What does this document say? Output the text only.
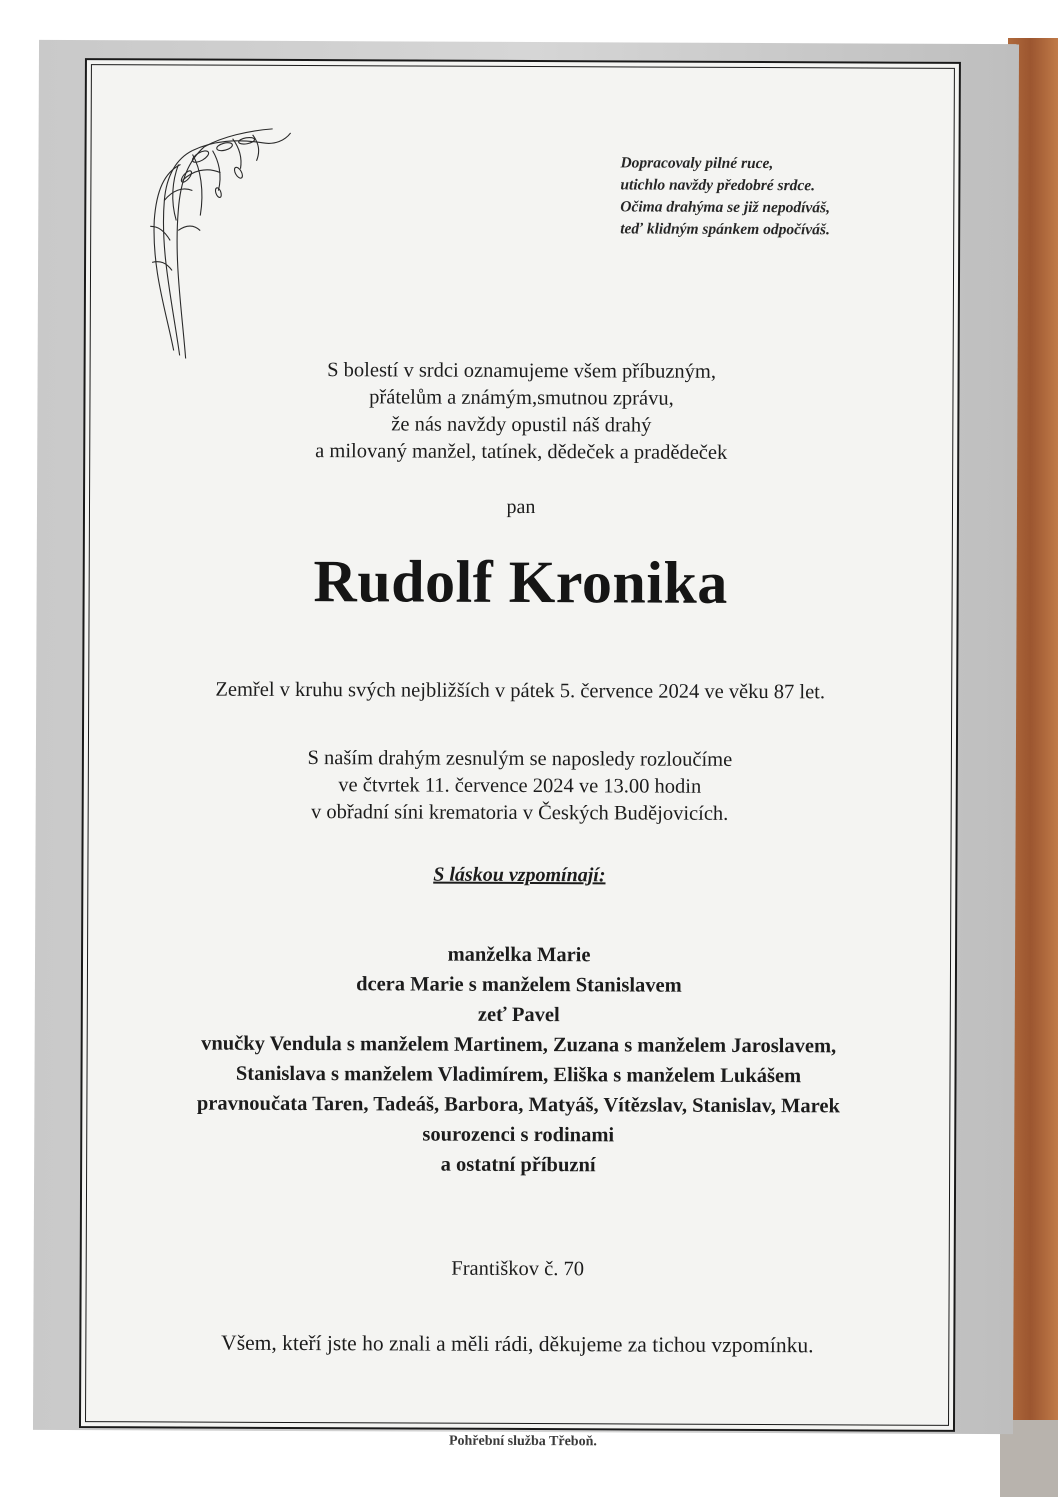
Dopracovaly pilné ruce,
utichlo navždy předobré srdce.
Očima drahýma se již nepodíváš,
teď klidným spánkem odpočíváš.
S bolestí v srdci oznamujeme všem příbuzným,
přátelům a známým,smutnou zprávu,
že nás navždy opustil náš drahý
a milovaný manžel, tatínek, dědeček a pradědeček
pan
Rudolf Kronika
Zemřel v kruhu svých nejbližších v pátek 5. července 2024 ve věku 87 let.
S naším drahým zesnulým se naposledy rozloučíme
ve čtvrtek 11. července 2024 ve 13.00 hodin
v obřadní síni krematoria v Českých Budějovicích.
S láskou vzpomínají:
manželka Marie
dcera Marie s manželem Stanislavem
zeť Pavel
vnučky Vendula s manželem Martinem, Zuzana s manželem Jaroslavem,
Stanislava s manželem Vladimírem, Eliška s manželem Lukášem
pravnoučata Taren, Tadeáš, Barbora, Matyáš, Vítězslav, Stanislav, Marek
sourozenci s rodinami
a ostatní příbuzní
Františkov č. 70
Všem, kteří jste ho znali a měli rádi, děkujeme za tichou vzpomínku.
Pohřební služba Třeboň.
